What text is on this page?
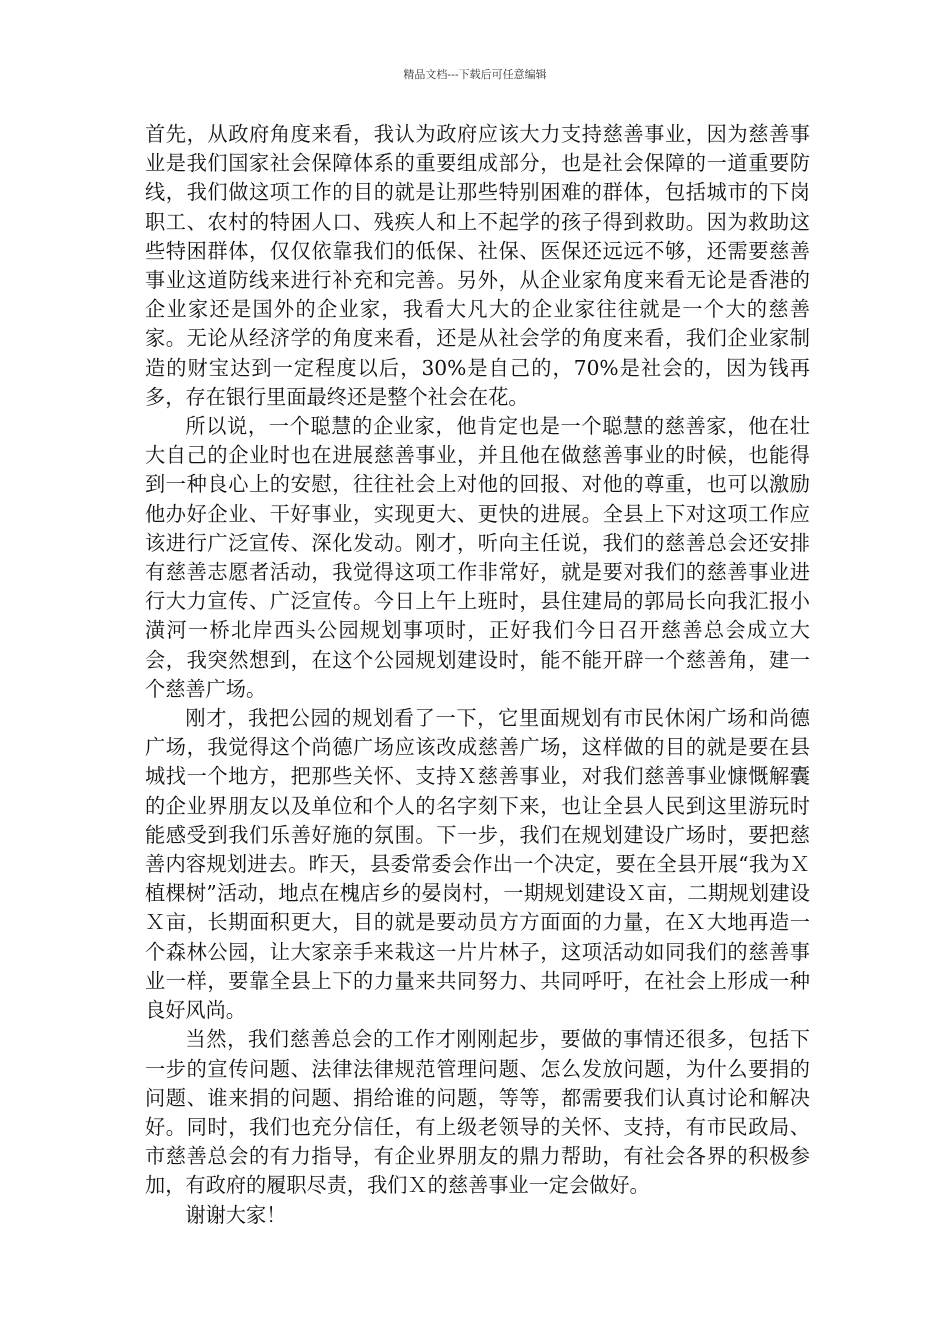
精品文档---下载后可任意编辑

首先，从政府角度来看，我认为政府应该大力支持慈善事业，因为慈善事业是我们国家社会保障体系的重要组成部分，也是社会保障的一道重要防线，我们做这项工作的目的就是让那些特别困难的群体，包括城市的下岗职工、农村的特困人口、残疾人和上不起学的孩子得到救助。因为救助这些特困群体，仅仅依靠我们的低保、社保、医保还远远不够，还需要慈善事业这道防线来进行补充和完善。另外，从企业家角度来看无论是香港的企业家还是国外的企业家，我看大凡大的企业家往往就是一个大的慈善家。无论从经济学的角度来看，还是从社会学的角度来看，我们企业家制造的财宝达到一定程度以后，30%是自己的，70%是社会的，因为钱再多，存在银行里面最终还是整个社会在花。

所以说，一个聪慧的企业家，他肯定也是一个聪慧的慈善家，他在壮大自己的企业时也在进展慈善事业，并且他在做慈善事业的时候，也能得到一种良心上的安慰，往往社会上对他的回报、对他的尊重，也可以激励他办好企业、干好事业，实现更大、更快的进展。全县上下对这项工作应该进行广泛宣传、深化发动。刚才，听向主任说，我们的慈善总会还安排有慈善志愿者活动，我觉得这项工作非常好，就是要对我们的慈善事业进行大力宣传、广泛宣传。今日上午上班时，县住建局的郭局长向我汇报小潢河一桥北岸西头公园规划事项时，正好我们今日召开慈善总会成立大会，我突然想到，在这个公园规划建设时，能不能开辟一个慈善角，建一个慈善广场。

刚才，我把公园的规划看了一下，它里面规划有市民休闲广场和尚德广场，我觉得这个尚德广场应该改成慈善广场，这样做的目的就是要在县城找一个地方，把那些关怀、支持Ｘ慈善事业，对我们慈善事业慷慨解囊的企业界朋友以及单位和个人的名字刻下来，也让全县人民到这里游玩时能感受到我们乐善好施的氛围。下一步，我们在规划建设广场时，要把慈善内容规划进去。昨天，县委常委会作出一个决定，要在全县开展“我为Ｘ植棵树”活动，地点在槐店乡的晏岗村，一期规划建设Ｘ亩，二期规划建设Ｘ亩，长期面积更大，目的就是要动员方方面面的力量，在Ｘ大地再造一个森林公园，让大家亲手来栽这一片片林子，这项活动如同我们的慈善事业一样，要靠全县上下的力量来共同努力、共同呼吁，在社会上形成一种良好风尚。

当然，我们慈善总会的工作才刚刚起步，要做的事情还很多，包括下一步的宣传问题、法律法律规范管理问题、怎么发放问题，为什么要捐的问题、谁来捐的问题、捐给谁的问题，等等，都需要我们认真讨论和解决好。同时，我们也充分信任，有上级老领导的关怀、支持，有市民政局、市慈善总会的有力指导，有企业界朋友的鼎力帮助，有社会各界的积极参加，有政府的履职尽责，我们Ｘ的慈善事业一定会做好。

谢谢大家！
